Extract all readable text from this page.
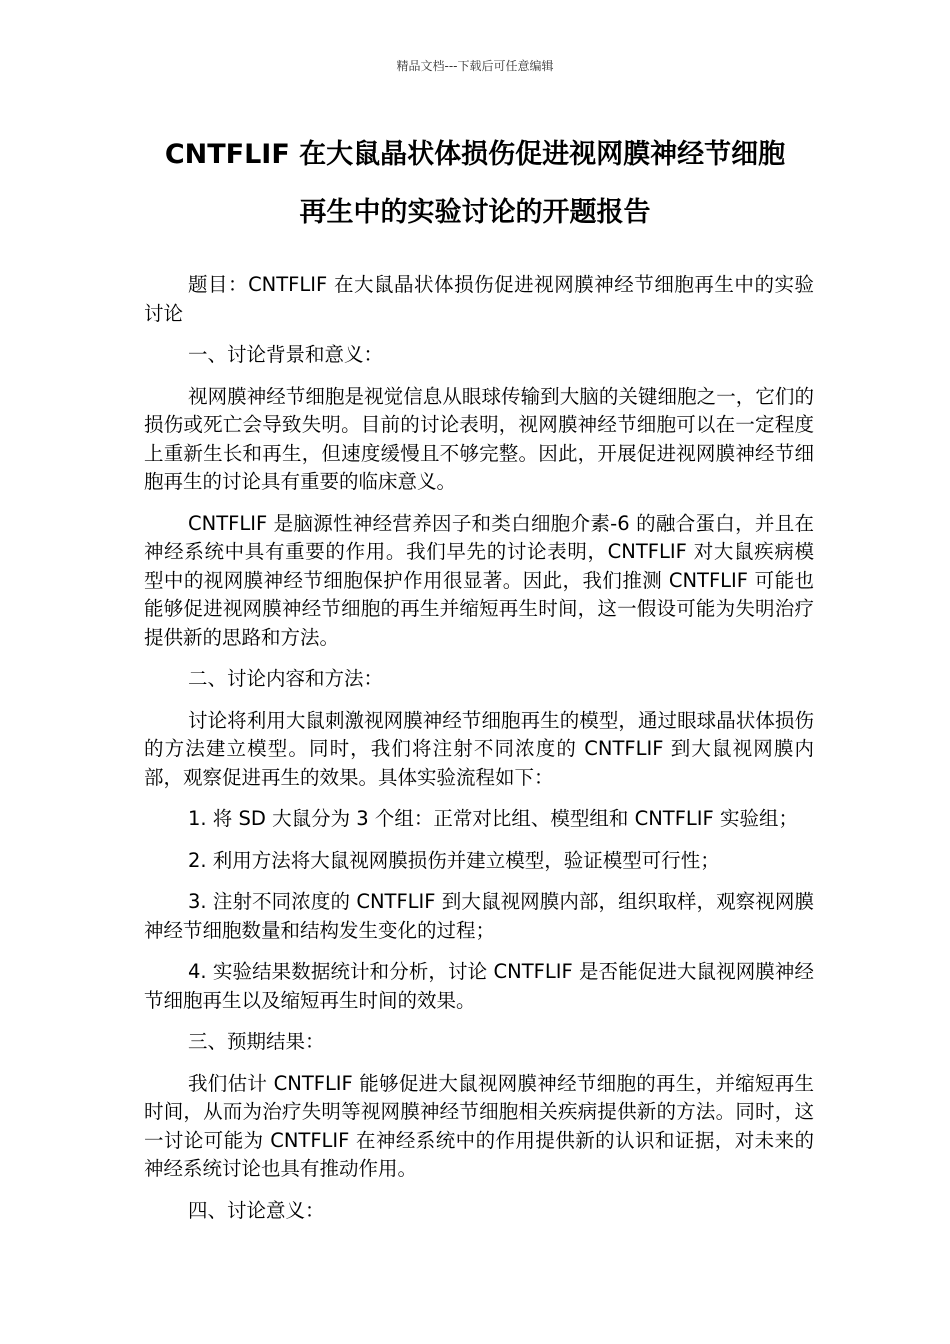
精品文档---下载后可任意编辑
CNTFLIF 在大鼠晶状体损伤促进视网膜神经节细胞
再生中的实验讨论的开题报告

题目：CNTFLIF 在大鼠晶状体损伤促进视网膜神经节细胞再生中的实验讨论

一、讨论背景和意义：

视网膜神经节细胞是视觉信息从眼球传输到大脑的关键细胞之一，它们的损伤或死亡会导致失明。目前的讨论表明，视网膜神经节细胞可以在一定程度上重新生长和再生，但速度缓慢且不够完整。因此，开展促进视网膜神经节细胞再生的讨论具有重要的临床意义。

CNTFLIF 是脑源性神经营养因子和类白细胞介素-6 的融合蛋白，并且在神经系统中具有重要的作用。我们早先的讨论表明，CNTFLIF 对大鼠疾病模型中的视网膜神经节细胞保护作用很显著。因此，我们推测 CNTFLIF 可能也能够促进视网膜神经节细胞的再生并缩短再生时间，这一假设可能为失明治疗提供新的思路和方法。

二、讨论内容和方法：

讨论将利用大鼠刺激视网膜神经节细胞再生的模型，通过眼球晶状体损伤的方法建立模型。同时，我们将注射不同浓度的 CNTFLIF 到大鼠视网膜内部，观察促进再生的效果。具体实验流程如下：

1. 将 SD 大鼠分为 3 个组：正常对比组、模型组和 CNTFLIF 实验组；

2. 利用方法将大鼠视网膜损伤并建立模型，验证模型可行性；

3. 注射不同浓度的 CNTFLIF 到大鼠视网膜内部，组织取样，观察视网膜神经节细胞数量和结构发生变化的过程；

4. 实验结果数据统计和分析，讨论 CNTFLIF 是否能促进大鼠视网膜神经节细胞再生以及缩短再生时间的效果。

三、预期结果：

我们估计 CNTFLIF 能够促进大鼠视网膜神经节细胞的再生，并缩短再生时间，从而为治疗失明等视网膜神经节细胞相关疾病提供新的方法。同时，这一讨论可能为 CNTFLIF 在神经系统中的作用提供新的认识和证据，对未来的神经系统讨论也具有推动作用。

四、讨论意义：
